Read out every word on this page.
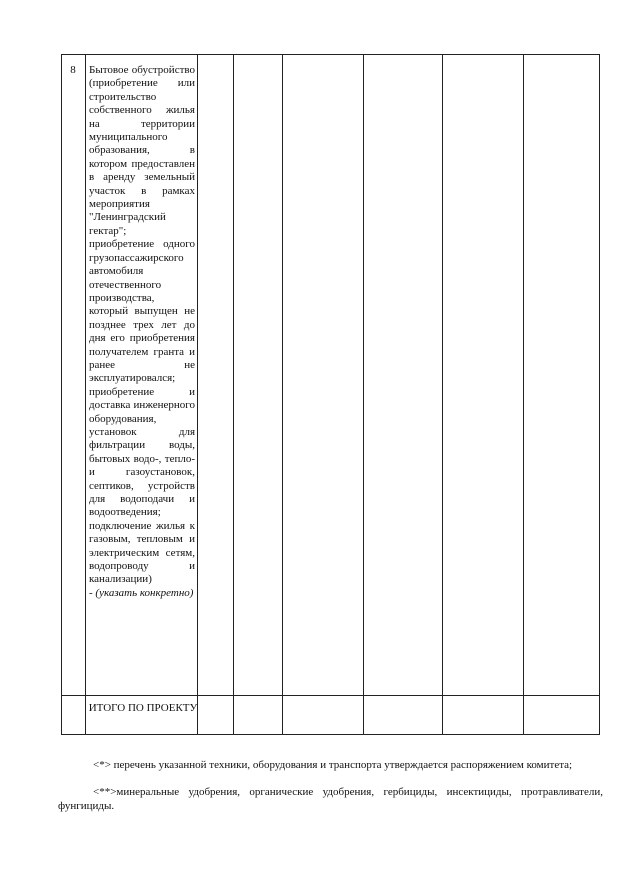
8	Бытовое обустройство (приобретение или строительство собственного жилья на территории муниципального образования, в котором предоставлен в аренду земельный участок в рамках мероприятия "Ленинградский гектар";

приобретение одного грузопассажирского автомобиля отечественного производства, который выпущен не позднее трех лет до дня его приобретения получателем гранта и ранее не эксплуатировался;

приобретение и доставка инженерного оборудования, установок для фильтрации воды, бытовых водо-, тепло- и газоустановок, септиков, устройств для водоподачи и водоотведения;

подключение жилья к газовым, тепловым и электрическим сетям, водопроводу и канализации)

- (указать конкретно)

ИТОГО ПО ПРОЕКТУ
<*> перечень указанной техники, оборудования и транспорта утверждается распоряжением комитета;
<**>минеральные удобрения, органические удобрения, гербициды, инсектициды, протравливатели, фунгициды.
